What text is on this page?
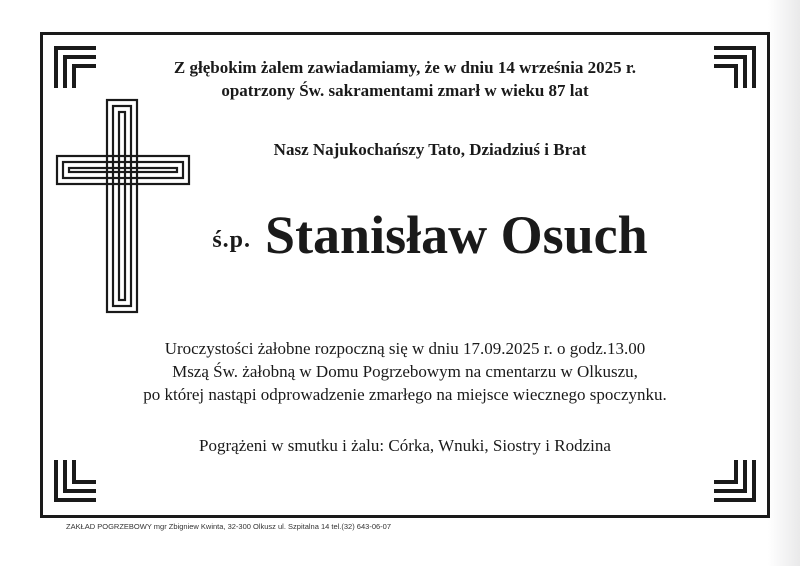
Z głębokim żalem zawiadamiamy, że w dniu 14 września 2025 r.
opatrzony Św. sakramentami zmarł w wieku 87 lat
Nasz Najukochańszy Tato, Dziadziuś i Brat
ś.p. Stanisław Osuch
Uroczystości żałobne rozpoczną się w dniu 17.09.2025 r. o godz.13.00
Mszą Św. żałobną w Domu Pogrzebowym na cmentarzu w Olkuszu,
po której nastąpi odprowadzenie zmarłego na miejsce wiecznego spoczynku.
Pogrążeni w smutku i żalu: Córka, Wnuki, Siostry i Rodzina
ZAKŁAD POGRZEBOWY mgr Zbigniew Kwinta, 32-300 Olkusz ul. Szpitalna 14 tel.(32) 643-06-07
